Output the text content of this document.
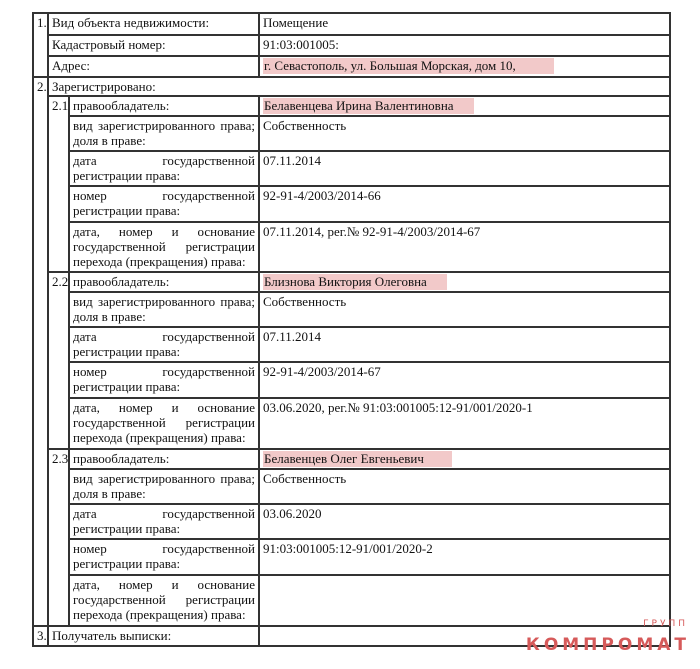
1.	Вид объекта недвижимости:		Помещение
	Кадастровый номер:		91:03:001005:
	Адрес:		г. Севастополь, ул. Большая Морская, дом 10,
2.	Зарегистрировано:		
	2.1	правообладатель:	Белавенцева Ирина Валентиновна
		вид зарегистрированного права; доля в праве:	Собственность
		дата государственной регистрации права:	07.11.2014
		номер государственной регистрации права:	92-91-4/2003/2014-66
		дата, номер и основание государственной регистрации перехода (прекращения) права:	07.11.2014, рег.№ 92-91-4/2003/2014-67
	2.2	правообладатель:	Близнова Виктория Олеговна
		вид зарегистрированного права; доля в праве:	Собственность
		дата государственной регистрации права:	07.11.2014
		номер государственной регистрации права:	92-91-4/2003/2014-67
		дата, номер и основание государственной регистрации перехода (прекращения) права:	03.06.2020, рег.№ 91:03:001005:12-91/001/2020-1
	2.3	правообладатель:	Белавенцев Олег Евгеньевич
		вид зарегистрированного права; доля в праве:	Собственность
		дата государственной регистрации права:	03.06.2020
		номер государственной регистрации права:	91:03:001005:12-91/001/2020-2
		дата, номер и основание государственной регистрации перехода (прекращения) права:	
3.	Получатель выписки:		
ГРУПП
КОМПРОМАТ
